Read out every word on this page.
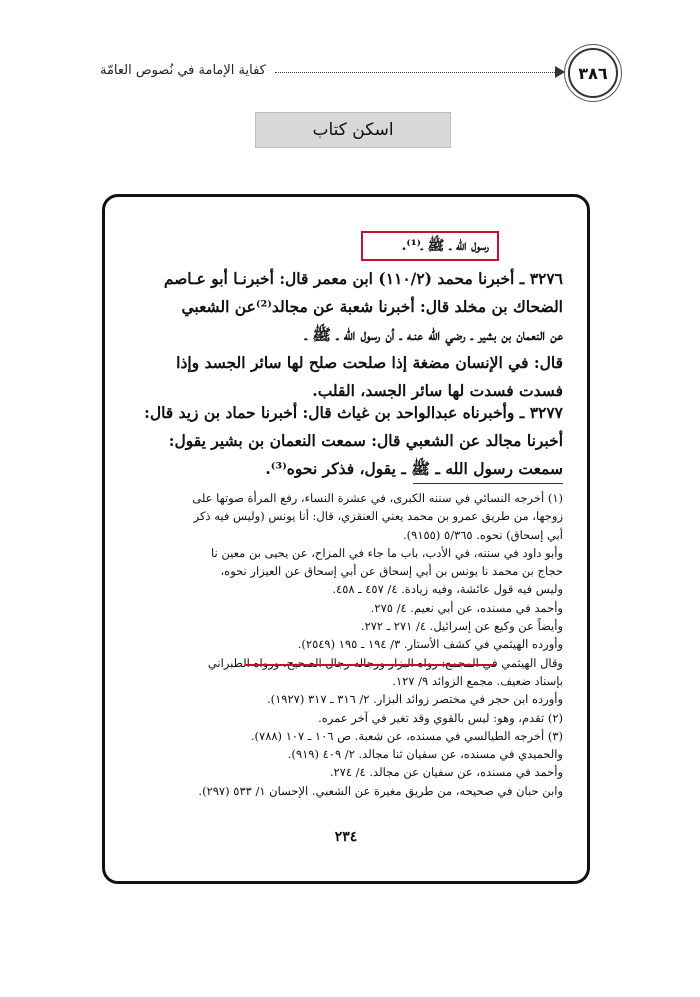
كفاية الإمامة في نُصوص العامّة	٣٨٦
اسكن كتاب
رسول الله ـ ﷺ ـ⁽¹⁾.

٣٢٧٦ ـ أخبرنا محمد (١١٠/٢) ابن معمر قال: أخبرنـا أبو عـاصم

الضحاك بن مخلد قال: أخبرنا شعبة عن مجالد⁽²⁾عن الشعبي

عن النعمان بن بشير ـ رضي الله عنـه ـ أن رسول الله ـ ﷺ ـ

قال: في الإنسان مضغة إذا صلحت صلح لها سائر الجسد وإذا

فسدت فسدت لها سائر الجسد، القلب.

٣٢٧٧ ـ وأخبرناه عبدالواحد بن غياث قال: أخبرنا حماد بن زيد قال:

أخبرنا مجالد عن الشعبي قال: سمعت النعمان بن بشير يقول:

سمعت رسول الله ـ ﷺ ـ يقول، فذكر نحوه⁽³⁾.

(١) أخرجه النسائي في سننه الكبرى، في عشرة النساء، رفع المرأة صوتها على

زوجها، من طريق عمرو بن محمد يعني العنقزي، قال: أنا يونس (وليس فيه ذكر

أبي إسحاق) نحوه. ٥/٣٦٥ (٩١٥٥).

وأبو داود في سننه، في الأدب، باب ما جاء في المزاح، عن يحيى بن معين نا

حجاج بن محمد نا يونس بن أبي إسحاق عن أبي إسحاق عن العيزار نحوه،

وليس فيه قول عائشة، وفيه زيادة. ٤/ ٤٥٧ ـ ٤٥٨.

وأحمد في مسنده، عن أبي نعيم. ٤/ ٢٧٥.

وأيضاً عن وكيع عن إسرائيل. ٤/ ٢٧١ ـ ٢٧٢.

وأورده الهيثمي في كشف الأستار. ٣/ ١٩٤ ـ ١٩٥ (٢٥٤٩).

وقال الهيثمي في المجمع: رواه البزار ورجاله رجال الصحيح، ورواه الطبراني

بإسناد ضعيف. مجمع الزوائد ٩/ ١٢٧.

وأورده ابن حجر في مختصر زوائد البزار. ٢/ ٣١٦ ـ ٣١٧ (١٩٢٧).

(٢) تقدم، وهو: ليس بالقوي وقد تغير في آخر عمره.

(٣) أخرجه الطيالسي في مسنده، عن شعبة. ص ١٠٦ ـ ١٠٧ (٧٨٨).

والحميدي في مسنده، عن سفيان ثنا مجالد. ٢/ ٤٠٩ (٩١٩).

وأحمد في مسنده، عن سفيان عن مجالد. ٤/ ٢٧٤.

وابن حبان في صحيحه، من طريق مغيرة عن الشعبي. الإحسان ١/ ٥٣٣ (٢٩٧).

٢٣٤
